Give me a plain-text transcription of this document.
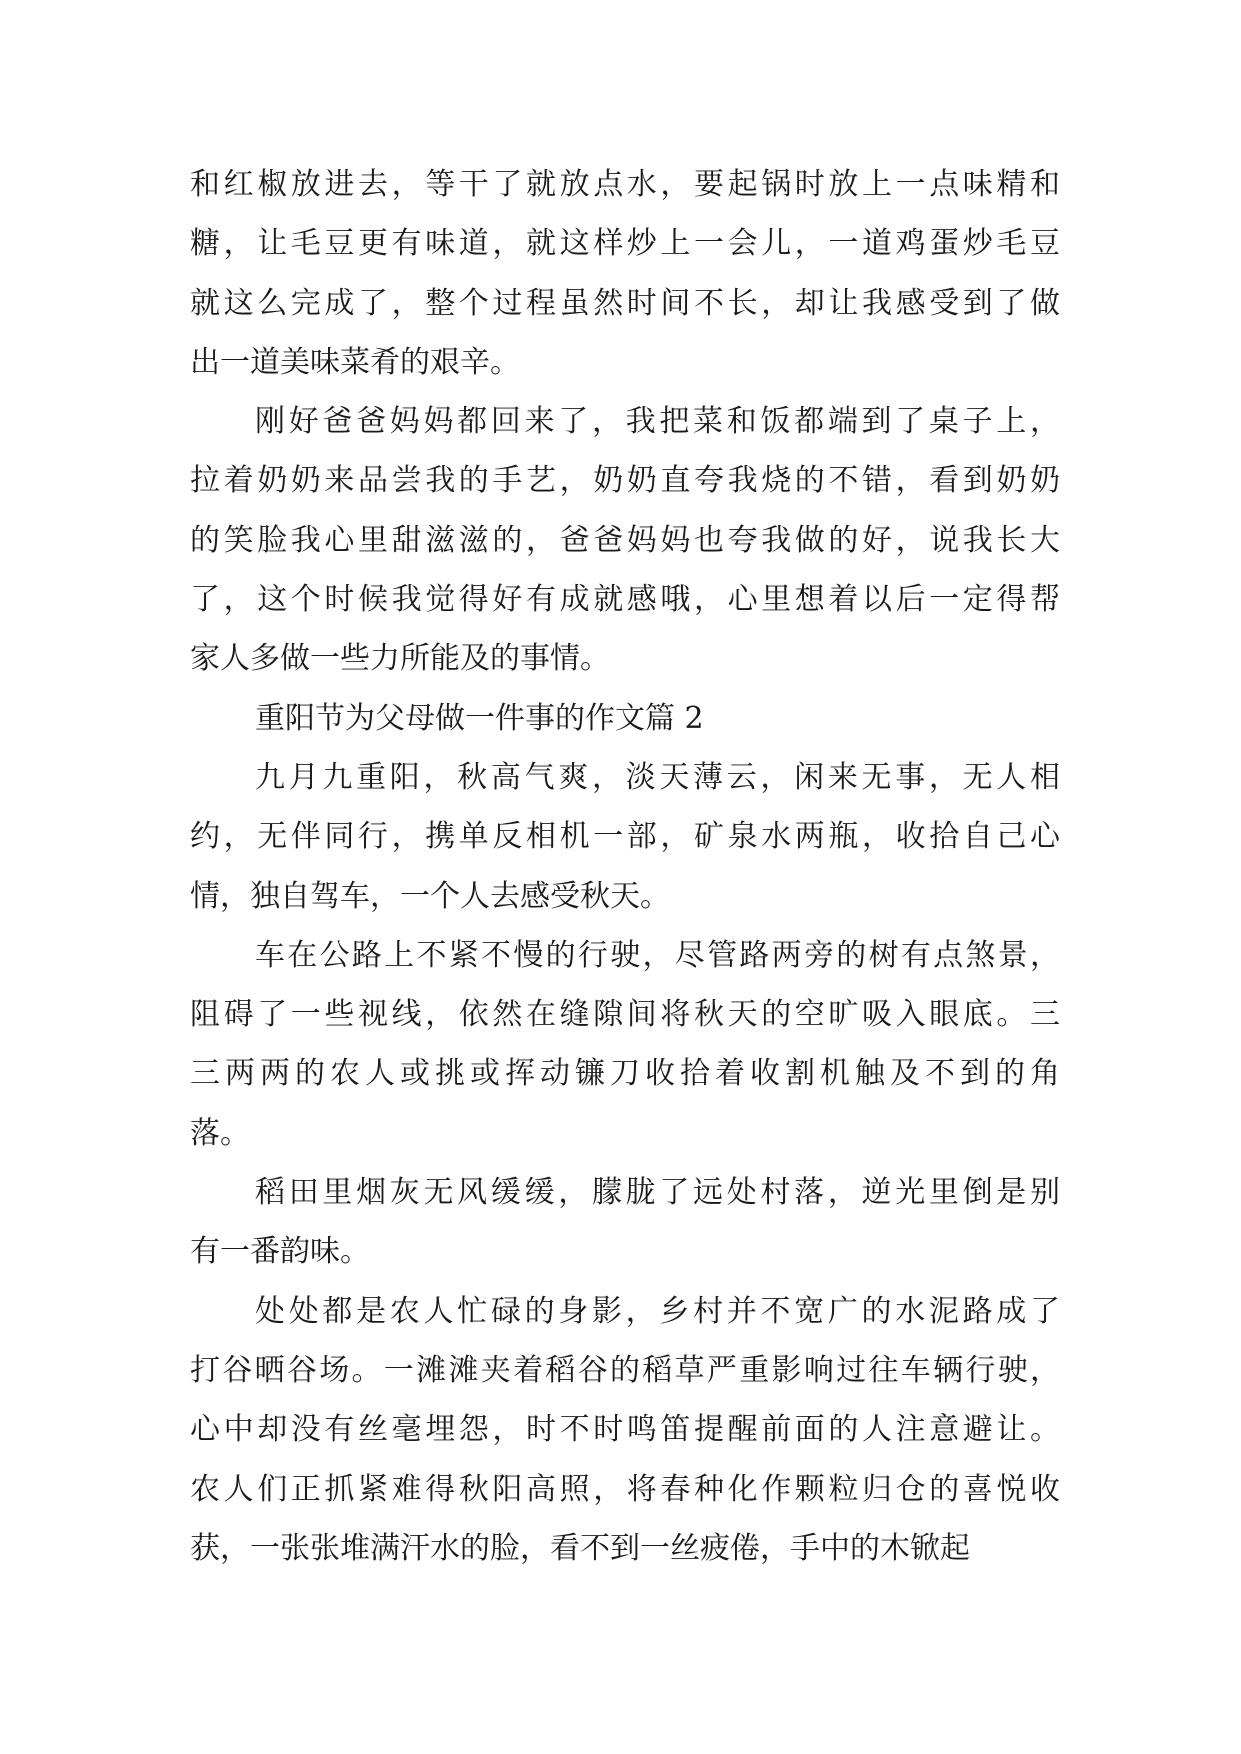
和红椒放进去，等干了就放点水，要起锅时放上一点味精和
糖，让毛豆更有味道，就这样炒上一会儿，一道鸡蛋炒毛豆
就这么完成了，整个过程虽然时间不长，却让我感受到了做
出一道美味菜肴的艰辛。
刚好爸爸妈妈都回来了，我把菜和饭都端到了桌子上，
拉着奶奶来品尝我的手艺，奶奶直夸我烧的不错，看到奶奶
的笑脸我心里甜滋滋的，爸爸妈妈也夸我做的好，说我长大
了，这个时候我觉得好有成就感哦，心里想着以后一定得帮
家人多做一些力所能及的事情。
重阳节为父母做一件事的作文篇 2
九月九重阳，秋高气爽，淡天薄云，闲来无事，无人相
约，无伴同行，携单反相机一部，矿泉水两瓶，收拾自己心
情，独自驾车，一个人去感受秋天。
车在公路上不紧不慢的行驶，尽管路两旁的树有点煞景，
阻碍了一些视线，依然在缝隙间将秋天的空旷吸入眼底。三
三两两的农人或挑或挥动镰刀收拾着收割机触及不到的角
落。
稻田里烟灰无风缓缓，朦胧了远处村落，逆光里倒是别
有一番韵味。
处处都是农人忙碌的身影，乡村并不宽广的水泥路成了
打谷晒谷场。一滩滩夹着稻谷的稻草严重影响过往车辆行驶，
心中却没有丝毫埋怨，时不时鸣笛提醒前面的人注意避让。
农人们正抓紧难得秋阳高照，将春种化作颗粒归仓的喜悦收
获，一张张堆满汗水的脸，看不到一丝疲倦，手中的木锨起
